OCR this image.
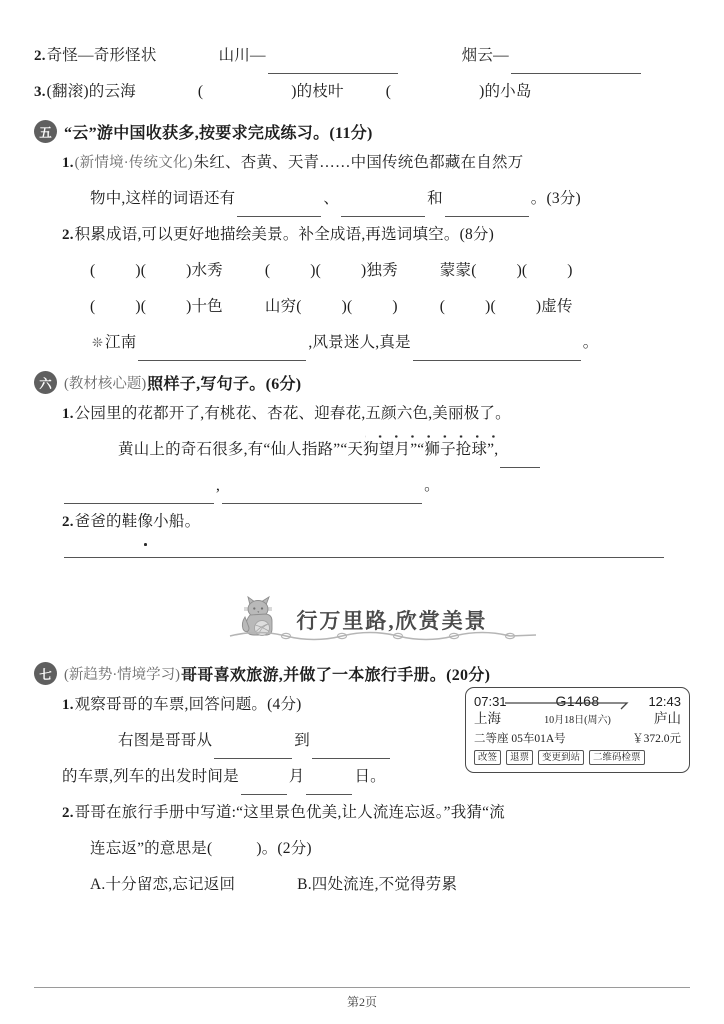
2. 奇怪—奇形怪状	山川—	烟云—
3. (翻滚)的云海	(	)的枝叶	(	)的小岛
五 “云”游中国收获多,按要求完成练习。(11分)
1. (新情境·传统文化) 朱红、杏黄、天青……中国传统色都藏在自然万
物中,这样的词语还有	、	和	。(3分)
2. 积累成语,可以更好地描绘美景。补全成语,再选词填空。(8分)
(	)(	)水秀	(	)(	)独秀	蒙蒙(	)(	)
(	)(	)十色	山穷(	)(	)	(	)(	)虚传
❊ 江南	,风景迷人,真是	。
六 (教材核心题) 照样子,写句子。(6分)
1. 公园里的花都开了,有桃花、杏花、迎春花, 五颜六色,美丽极了 。
黄山上的奇石很多,有“仙人指路”“天狗望月”“狮子抢球”,
,	。
2. 爸爸的鞋 像 小船 。
行万里路,欣赏美景
七 (新趋势·情境学习) 哥哥喜欢旅游,并做了一本旅行手册。(20分)
07:31	G1468	12:43
上海	10月18日(周六)	庐山
二等座 05车01A号	￥372.0元
改签	退票	变更到站	二维码检票
1. 观察哥哥的车票,回答问题。(4分)
右图是哥哥从	到
的车票,列车的出发时间是	月	日。
2. 哥哥在旅行手册中写道:“这里景色优美,让人流连忘返。”我猜“流
连忘返”的意思是(	)。(2分)
A.十分留恋,忘记返回	B.四处流连,不觉得劳累
第2页
